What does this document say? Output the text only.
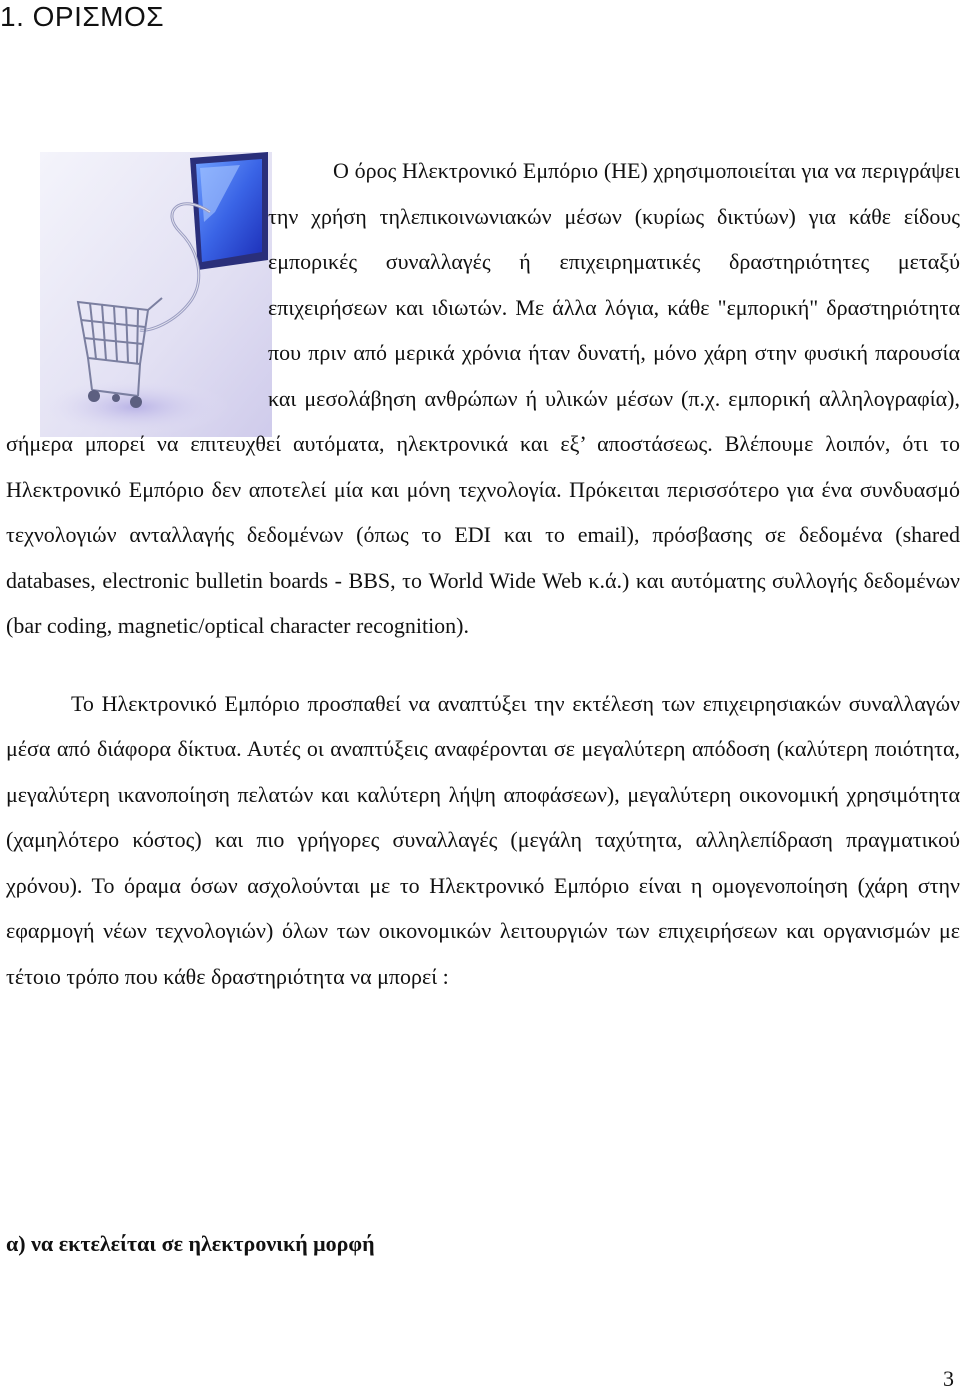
1. ΟΡΙΣΜΟΣ

Ο όρος Ηλεκτρονικό Εμπόριο (ΗΕ) χρησιμοποιείται για να περιγράψει την χρήση τηλεπικοινωνιακών μέσων (κυρίως δικτύων) για κάθε είδους εμπορικές συναλλαγές ή επιχειρηματικές δραστηριότητες μεταξύ επιχειρήσεων και ιδιωτών. Με άλλα λόγια, κάθε "εμπορική" δραστηριότητα που πριν από μερικά χρόνια ήταν δυνατή, μόνο χάρη στην φυσική παρουσία και μεσολάβηση ανθρώπων ή υλικών μέσων (π.χ. εμπορική αλληλογραφία), σήμερα μπορεί να επιτευχθεί αυτόματα, ηλεκτρονικά και εξ’ αποστάσεως. Βλέπουμε λοιπόν, ότι το Ηλεκτρονικό Εμπόριο δεν αποτελεί μία και μόνη τεχνολογία. Πρόκειται περισσότερο για ένα συνδυασμό τεχνολογιών ανταλλαγής δεδομένων (όπως το EDI και το email), πρόσβασης σε δεδομένα (shared databases, electronic bulletin boards - BBS, το World Wide Web κ.ά.) και αυτόματης συλλογής δεδομένων (bar coding, magnetic/optical character recognition).

Το Ηλεκτρονικό Εμπόριο προσπαθεί να αναπτύξει την εκτέλεση των επιχειρησιακών συναλλαγών μέσα από διάφορα δίκτυα. Αυτές οι αναπτύξεις αναφέρονται σε μεγαλύτερη απόδοση (καλύτερη ποιότητα, μεγαλύτερη ικανοποίηση πελατών και καλύτερη λήψη αποφάσεων), μεγαλύτερη οικονομική χρησιμότητα (χαμηλότερο κόστος) και πιο γρήγορες συναλλαγές (μεγάλη ταχύτητα, αλληλεπίδραση πραγματικού χρόνου). Το όραμα όσων ασχολούνται με το Ηλεκτρονικό Εμπόριο είναι η ομογενοποίηση (χάρη στην εφαρμογή νέων τεχνολογιών) όλων των οικονομικών λειτουργιών των επιχειρήσεων και οργανισμών με τέτοιο τρόπο που κάθε δραστηριότητα να μπορεί :

α) να εκτελείται σε ηλεκτρονική μορφή
3
